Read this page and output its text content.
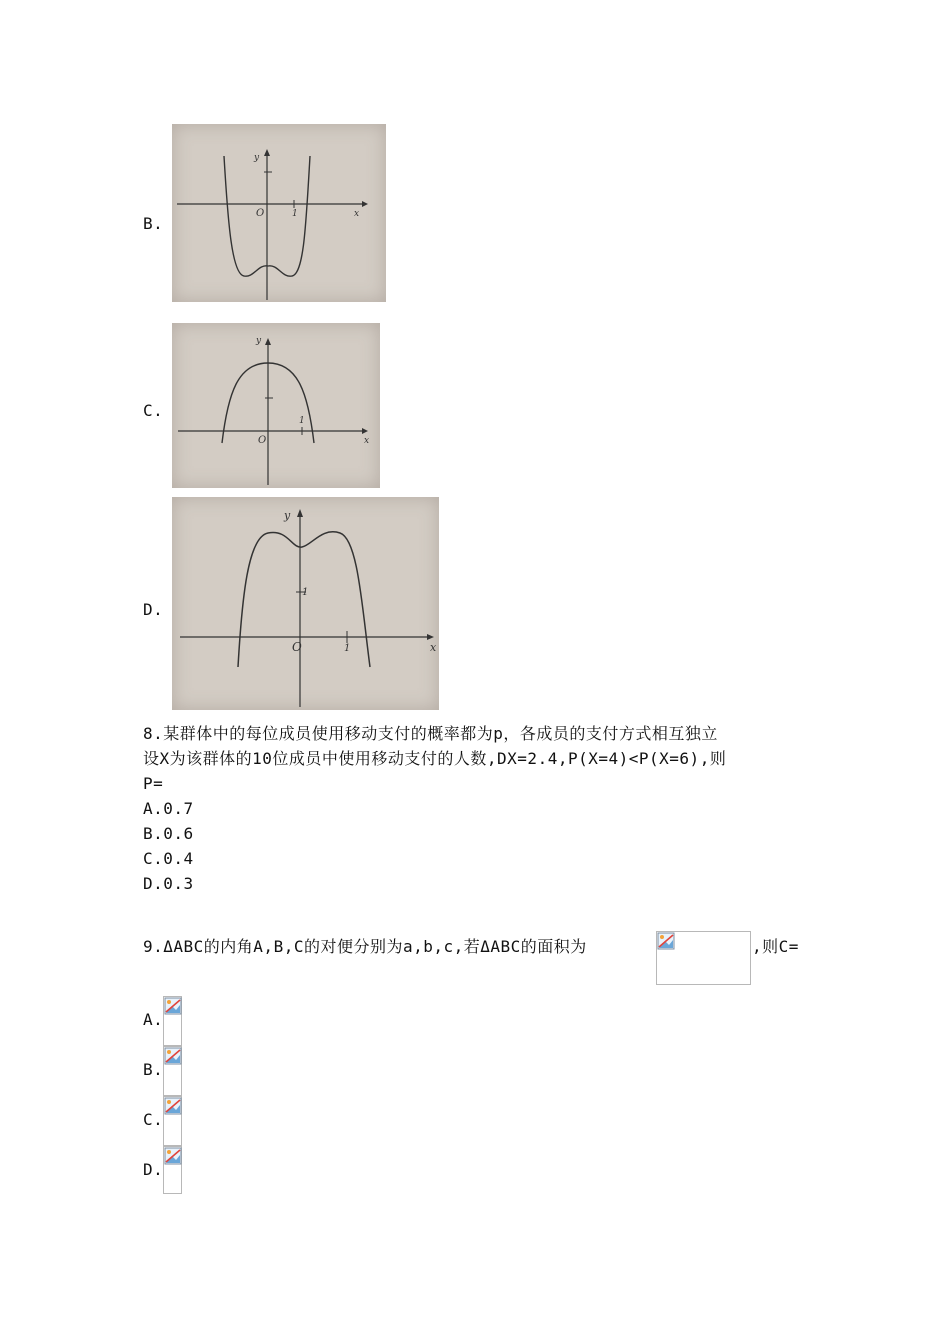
B.
y
x
O	1
C.
y
x
O
1
D.
y
x
O	1
1
8.某群体中的每位成员使用移动支付的概率都为p，各成员的支付方式相互独立
设X为该群体的10位成员中使用移动支付的人数,DX=2.4,P(X=4)<P(X=6),则
P=
A.0.7
B.0.6
C.0.4
D.0.3
9.ΔABC的内角A,B,C的对便分别为a,b,c,若ΔABC的面积为	,则C=
A.
B.
C.
D.
